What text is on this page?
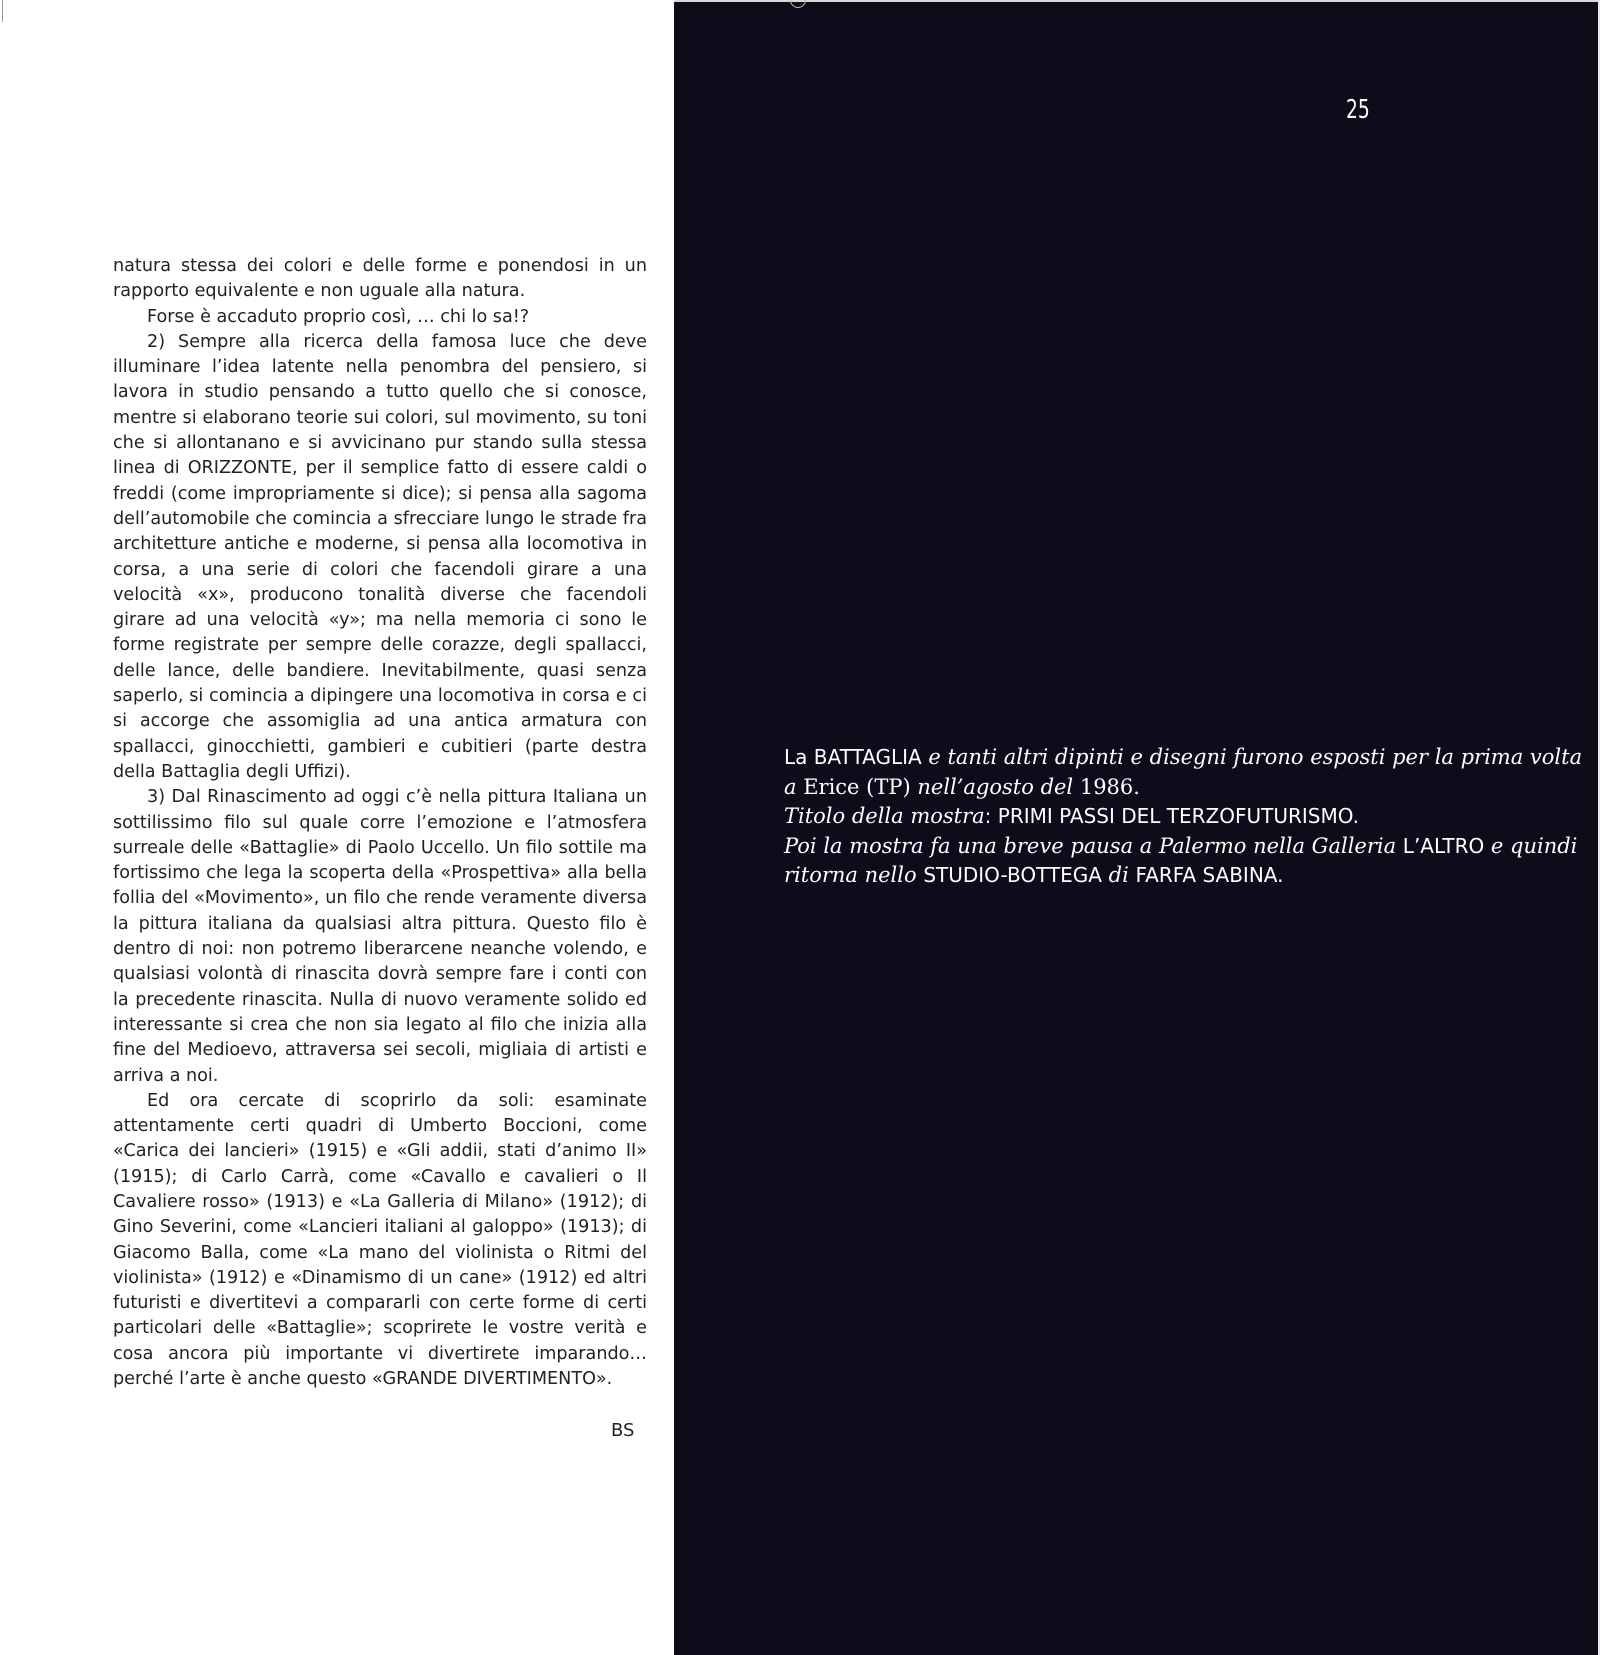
natura stessa dei colori e delle forme e ponendosi in un rapporto equivalente e non uguale alla natura.

Forse è accaduto proprio così, … chi lo sa!?

2) Sempre alla ricerca della famosa luce che deve illuminare l’idea latente nella penombra del pensiero, si lavora in studio pensando a tutto quello che si conosce, mentre si elaborano teorie sui colori, sul movimento, su toni che si allontanano e si avvicinano pur stando sulla stessa linea di ORIZZONTE, per il semplice fatto di essere caldi o freddi (come impropriamente si dice); si pensa alla sagoma dell’automobile che comincia a sfrecciare lungo le strade fra architetture antiche e moderne, si pensa alla locomotiva in corsa, a una serie di colori che facendoli girare a una velocità «x», producono tonalità diverse che facendoli girare ad una velocità «y»; ma nella memoria ci sono le forme registrate per sempre delle corazze, degli spallacci, delle lance, delle bandiere. Inevitabilmente, quasi senza saperlo, si comincia a dipingere una locomotiva in corsa e ci si accorge che assomiglia ad una antica armatura con spallacci, ginocchietti, gambieri e cubitieri (parte destra della Battaglia degli Uffizi).

3) Dal Rinascimento ad oggi c’è nella pittura Italiana un sottilissimo filo sul quale corre l’emozione e l’atmosfera surreale delle «Battaglie» di Paolo Uccello. Un filo sottile ma fortissimo che lega la scoperta della «Prospettiva» alla bella follia del «Movimento», un filo che rende veramente diversa la pittura italiana da qualsiasi altra pittura. Questo filo è dentro di noi: non potremo liberarcene neanche volendo, e qualsiasi volontà di rinascita dovrà sempre fare i conti con la precedente rinascita. Nulla di nuovo veramente solido ed interessante si crea che non sia legato al filo che inizia alla fine del Medioevo, attraversa sei secoli, migliaia di artisti e arriva a noi.

Ed ora cercate di scoprirlo da soli: esaminate attentamente certi quadri di Umberto Boccioni, come «Carica dei lancieri» (1915) e «Gli addii, stati d’animo II» (1915); di Carlo Carrà, come «Cavallo e cavalieri o Il Cavaliere rosso» (1913) e «La Galleria di Milano» (1912); di Gino Severini, come «Lancieri italiani al galoppo» (1913); di Giacomo Balla, come «La mano del violinista o Ritmi del violinista» (1912) e «Dinamismo di un cane» (1912) ed altri futuristi e divertitevi a compararli con certe forme di certi particolari delle «Battaglie»; scoprirete le vostre verità e cosa ancora più importante vi divertirete imparando… perché l’arte è anche questo «GRANDE DIVERTIMENTO».

BS
25
La BATTAGLIA e tanti altri dipinti e disegni furono esposti per la prima volta
a Erice (TP) nell’agosto del 1986.
Titolo della mostra: PRIMI PASSI DEL TERZOFUTURISMO.
Poi la mostra fa una breve pausa a Palermo nella Galleria L’ALTRO e quindi
ritorna nello STUDIO-BOTTEGA di FARFA SABINA.
